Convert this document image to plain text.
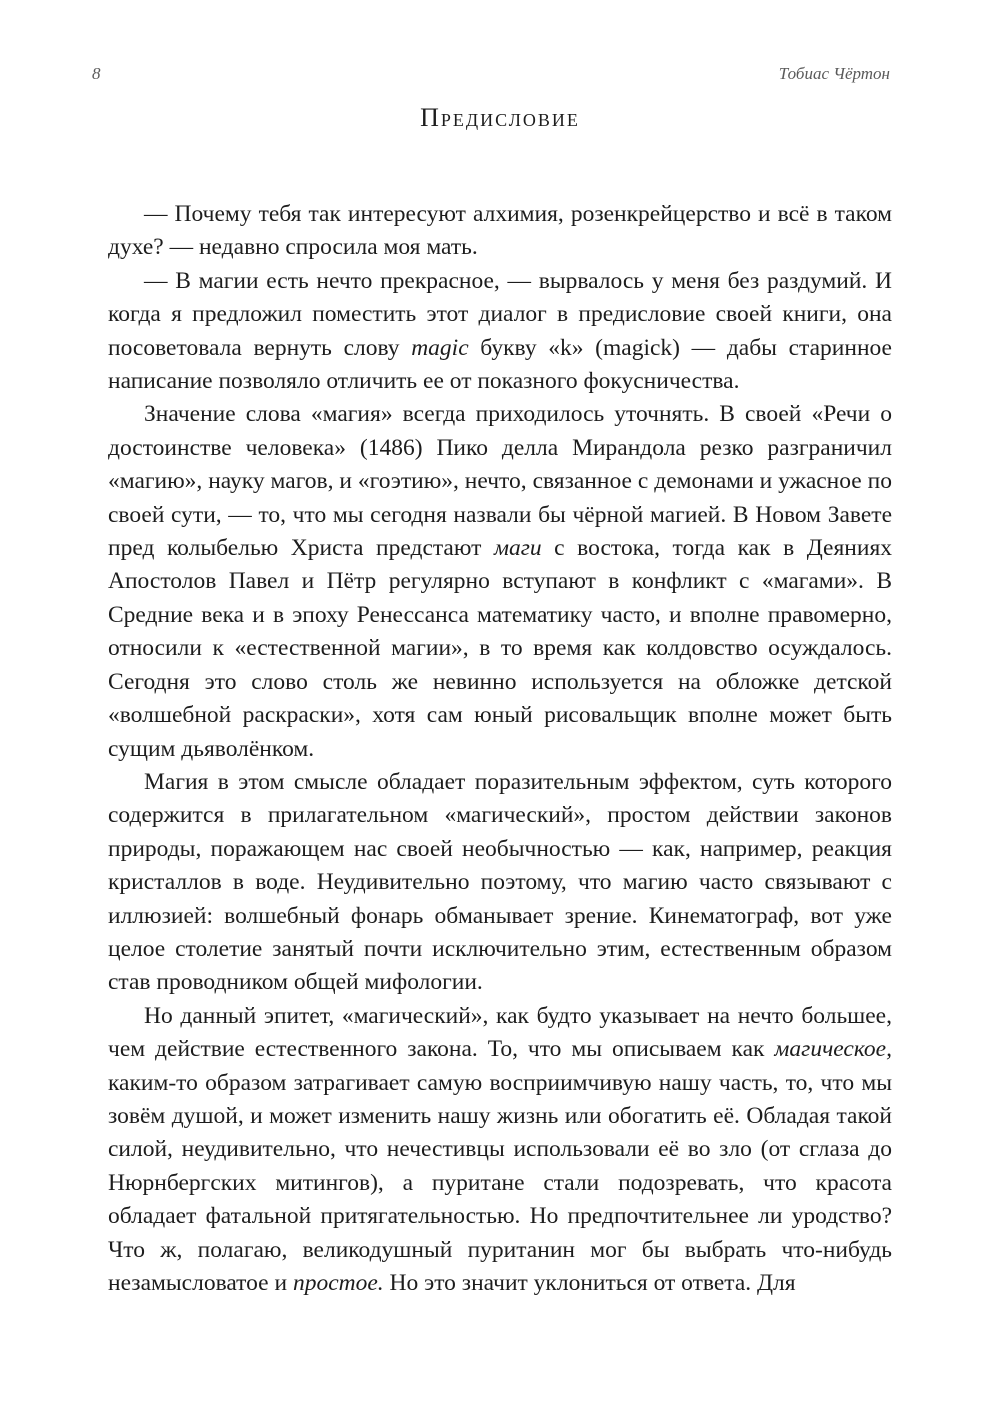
8	Тобиас Чёртон
Предисловие

— Почему тебя так интересуют алхимия, розенкрейцерство и всё в таком духе? — недавно спросила моя мать.

— В магии есть нечто прекрасное, — вырвалось у меня без раздумий. И когда я предложил поместить этот диалог в предисловие своей книги, она посоветовала вернуть слову magic букву «k» (magick) — дабы старинное написание позволяло отличить ее от показного фокусничества.

Значение слова «магия» всегда приходилось уточнять. В своей «Речи о достоинстве человека» (1486) Пико делла Мирандола резко разграничил «магию», науку магов, и «гоэтию», нечто, связанное с демонами и ужасное по своей сути, — то, что мы сегодня назвали бы чёрной магией. В Новом Завете пред колыбелью Христа предстают маги с востока, тогда как в Деяниях Апостолов Павел и Пётр регулярно вступают в конфликт с «магами». В Средние века и в эпоху Ренессанса математику часто, и вполне правомерно, относили к «естественной магии», в то время как колдовство осуждалось. Сегодня это слово столь же невинно используется на обложке детской «волшебной раскраски», хотя сам юный рисовальщик вполне может быть сущим дьяволёнком.

Магия в этом смысле обладает поразительным эффектом, суть которого содержится в прилагательном «магический», простом действии законов природы, поражающем нас своей необычностью — как, например, реакция кристаллов в воде. Неудивительно поэтому, что магию часто связывают с иллюзией: волшебный фонарь обманывает зрение. Кинематограф, вот уже целое столетие занятый почти исключительно этим, естественным образом став проводником общей мифологии.

Но данный эпитет, «магический», как будто указывает на нечто большее, чем действие естественного закона. То, что мы описываем как магическое, каким-то образом затрагивает самую восприимчивую нашу часть, то, что мы зовём душой, и может изменить нашу жизнь или обогатить её. Обладая такой силой, неудивительно, что нечестивцы использовали её во зло (от сглаза до Нюрнбергских митингов), а пуритане стали подозревать, что красота обладает фатальной притягательностью. Но предпочтительнее ли уродство? Что ж, полагаю, великодушный пуританин мог бы выбрать что-нибудь незамысловатое и простое. Но это значит уклониться от ответа. Для
